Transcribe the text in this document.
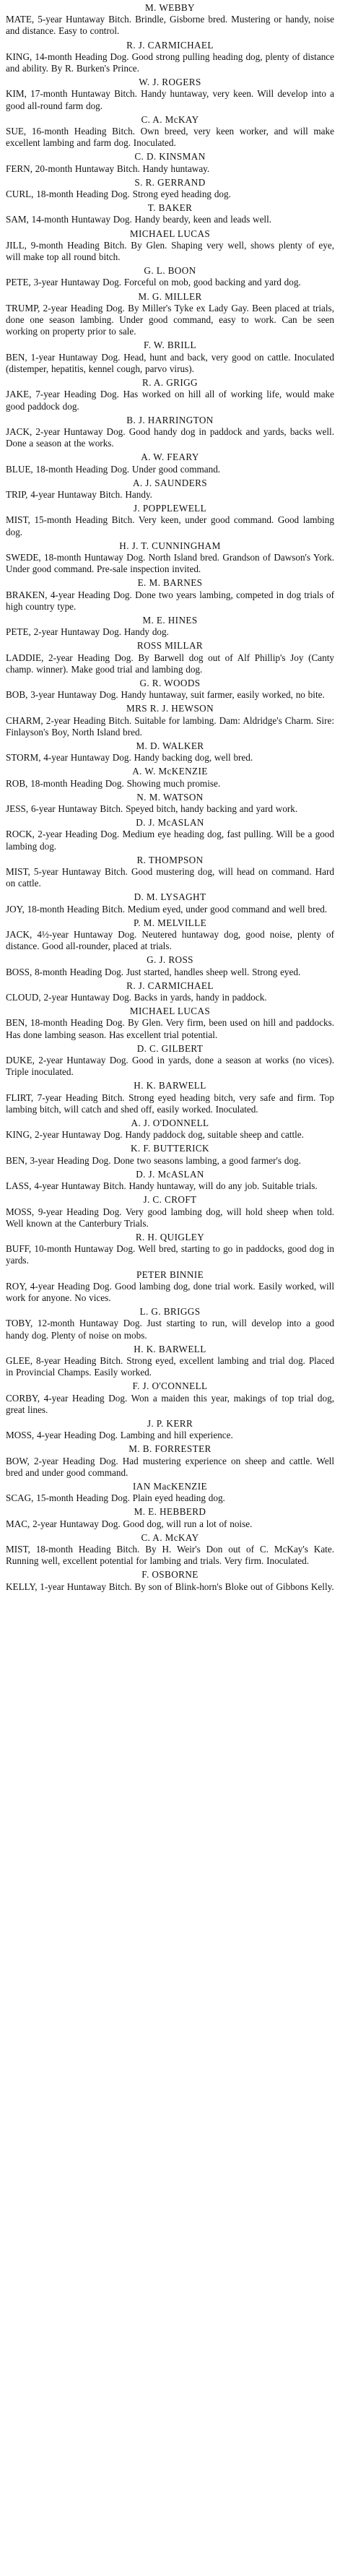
M. WEBBY
MATE, 5-year Huntaway Bitch. Brindle, Gisborne bred. Mustering or handy, noise and distance. Easy to control.
R. J. CARMICHAEL
KING, 14-month Heading Dog. Good strong pulling heading dog, plenty of distance and ability. By R. Burken's Prince.
W. J. ROGERS
KIM, 17-month Huntaway Bitch. Handy huntaway, very keen. Will develop into a good all-round farm dog.
C. A. McKAY
SUE, 16-month Heading Bitch. Own breed, very keen worker, and will make excellent lambing and farm dog. Inoculated.
C. D. KINSMAN
FERN, 20-month Huntaway Bitch. Handy huntaway.
S. R. GERRAND
CURL, 18-month Heading Dog. Strong eyed heading dog.
T. BAKER
SAM, 14-month Huntaway Dog. Handy beardy, keen and leads well.
MICHAEL LUCAS
JILL, 9-month Heading Bitch. By Glen. Shaping very well, shows plenty of eye, will make top all round bitch.
G. L. BOON
PETE, 3-year Huntaway Dog. Forceful on mob, good backing and yard dog.
M. G. MILLER
TRUMP, 2-year Heading Dog. By Miller's Tyke ex Lady Gay. Been placed at trials, done one season lambing. Under good command, easy to work. Can be seen working on property prior to sale.
F. W. BRILL
BEN, 1-year Huntaway Dog. Head, hunt and back, very good on cattle. Inoculated (distemper, hepatitis, kennel cough, parvo virus).
R. A. GRIGG
JAKE, 7-year Heading Dog. Has worked on hill all of working life, would make good paddock dog.
B. J. HARRINGTON
JACK, 2-year Huntaway Dog. Good handy dog in paddock and yards, backs well. Done a season at the works.
A. W. FEARY
BLUE, 18-month Heading Dog. Under good command.
A. J. SAUNDERS
TRIP, 4-year Huntaway Bitch. Handy.
J. POPPLEWELL
MIST, 15-month Heading Bitch. Very keen, under good command. Good lambing dog.
H. J. T. CUNNINGHAM
SWEDE, 18-month Huntaway Dog. North Island bred. Grandson of Dawson's York. Under good command. Pre-sale inspection invited.
E. M. BARNES
BRAKEN, 4-year Heading Dog. Done two years lambing, competed in dog trials of high country type.
M. E. HINES
PETE, 2-year Huntaway Dog. Handy dog.
ROSS MILLAR
LADDIE, 2-year Heading Dog. By Barwell dog out of Alf Phillip's Joy (Canty champ. winner). Make good trial and lambing dog.
G. R. WOODS
BOB, 3-year Huntaway Dog. Handy huntaway, suit farmer, easily worked, no bite.
MRS R. J. HEWSON
CHARM, 2-year Heading Bitch. Suitable for lambing. Dam: Aldridge's Charm. Sire: Finlayson's Boy, North Island bred.
M. D. WALKER
STORM, 4-year Huntaway Dog. Handy backing dog, well bred.
A. W. McKENZIE
ROB, 18-month Heading Dog. Showing much promise.
N. M. WATSON
JESS, 6-year Huntaway Bitch. Speyed bitch, handy backing and yard work.
D. J. McASLAN
ROCK, 2-year Heading Dog. Medium eye heading dog, fast pulling. Will be a good lambing dog.
R. THOMPSON
MIST, 5-year Huntaway Bitch. Good mustering dog, will head on command. Hard on cattle.
D. M. LYSAGHT
JOY, 18-month Heading Bitch. Medium eyed, under good command and well bred.
P. M. MELVILLE
JACK, 4½-year Huntaway Dog. Neutered huntaway dog, good noise, plenty of distance. Good all-rounder, placed at trials.
G. J. ROSS
BOSS, 8-month Heading Dog. Just started, handles sheep well. Strong eyed.
R. J. CARMICHAEL
CLOUD, 2-year Huntaway Dog. Backs in yards, handy in paddock.
MICHAEL LUCAS
BEN, 18-month Heading Dog. By Glen. Very firm, been used on hill and paddocks. Has done lambing season. Has excellent trial potential.
D. C. GILBERT
DUKE, 2-year Huntaway Dog. Good in yards, done a season at works (no vices). Triple inoculated.
H. K. BARWELL
FLIRT, 7-year Heading Bitch. Strong eyed heading bitch, very safe and firm. Top lambing bitch, will catch and shed off, easily worked. Inoculated.
A. J. O'DONNELL
KING, 2-year Huntaway Dog. Handy paddock dog, suitable sheep and cattle.
K. F. BUTTERICK
BEN, 3-year Heading Dog. Done two seasons lambing, a good farmer's dog.
D. J. McASLAN
LASS, 4-year Huntaway Bitch. Handy huntaway, will do any job. Suitable trials.
J. C. CROFT
MOSS, 9-year Heading Dog. Very good lambing dog, will hold sheep when told. Well known at the Canterbury Trials.
R. H. QUIGLEY
BUFF, 10-month Huntaway Dog. Well bred, starting to go in paddocks, good dog in yards.
PETER BINNIE
ROY, 4-year Heading Dog. Good lambing dog, done trial work. Easily worked, will work for anyone. No vices.
L. G. BRIGGS
TOBY, 12-month Huntaway Dog. Just starting to run, will develop into a good handy dog. Plenty of noise on mobs.
H. K. BARWELL
GLEE, 8-year Heading Bitch. Strong eyed, excellent lambing and trial dog. Placed in Provincial Champs. Easily worked.
F. J. O'CONNELL
CORBY, 4-year Heading Dog. Won a maiden this year, makings of top trial dog, great lines.
J. P. KERR
MOSS, 4-year Heading Dog. Lambing and hill experience.
M. B. FORRESTER
BOW, 2-year Heading Dog. Had mustering experience on sheep and cattle. Well bred and under good command.
IAN MacKENZIE
SCAG, 15-month Heading Dog. Plain eyed heading dog.
M. E. HEBBERD
MAC, 2-year Huntaway Dog. Good dog, will run a lot of noise.
C. A. McKAY
MIST, 18-month Heading Bitch. By H. Weir's Don out of C. McKay's Kate. Running well, excellent potential for lambing and trials. Very firm. Inoculated.
F. OSBORNE
KELLY, 1-year Huntaway Bitch. By son of Blink-horn's Bloke out of Gibbons Kelly.
